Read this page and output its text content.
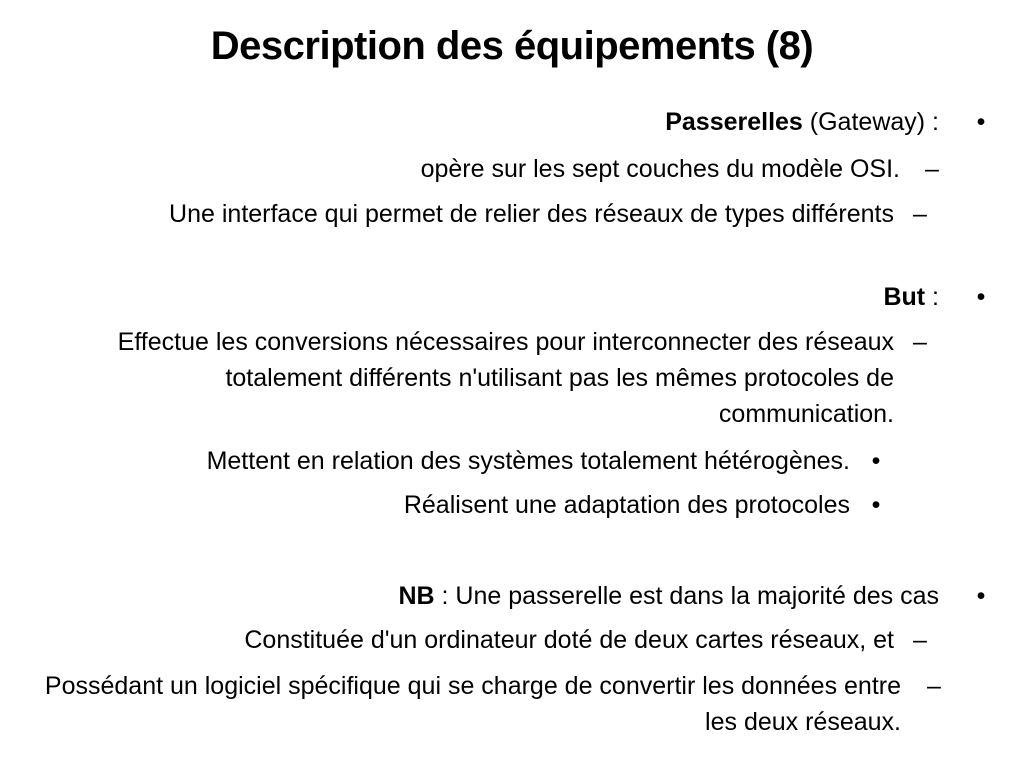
Description des équipements (8)
Passerelles (Gateway) : •
opère sur les sept couches du modèle OSI. –
Une interface qui permet de relier des réseaux de types différents –
But : •
Effectue les conversions nécessaires pour interconnecter des réseaux totalement différents n'utilisant pas les mêmes protocoles de communication.
–
Mettent en relation des systèmes totalement hétérogènes. •
Réalisent une adaptation des protocoles •
NB : Une passerelle est dans la majorité des cas •
Constituée d'un ordinateur doté de deux cartes réseaux, et –
Possédant un logiciel spécifique qui se charge de convertir les données entre les deux réseaux.
–
